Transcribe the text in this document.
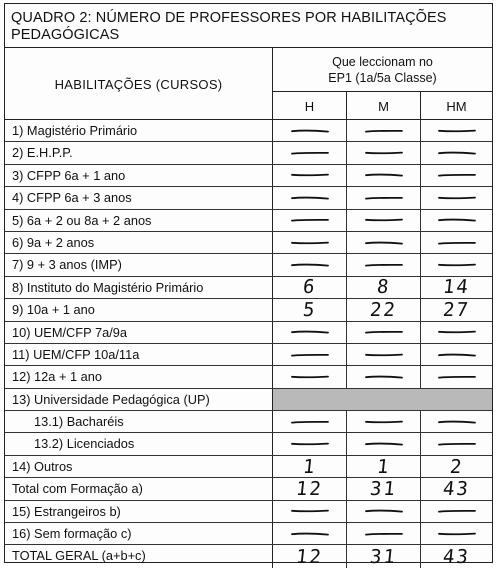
QUADRO 2: NÚMERO DE PROFESSORES POR HABILITAÇÕES PEDAGÓGICAS
HABILITAÇÕES (CURSOS)
Que leccionam no
EP1 (1a/5a Classe)
H	M	HM
1) Magistério Primário
2) E.H.P.P.
3) CFPP 6a + 1 ano
4) CFPP 6a + 3 anos
5) 6a + 2 ou 8a + 2 anos
6) 9a + 2 anos
7) 9 + 3 anos (IMP)
8) Instituto do Magistério Primário	6	8	14
9) 10a + 1 ano	5	22 27
10) UEM/CFP 7a/9a
11) UEM/CFP 10a/11a
12) 12a + 1 ano
13) Universidade Pedagógica (UP)
13.1) Bacharéis
13.2) Licenciados
14) Outros	1	1	2
Total com Formação a)	12 31 43
15) Estrangeiros b)
16) Sem formação c)
TOTAL GERAL (a+b+c)	12 31 43
